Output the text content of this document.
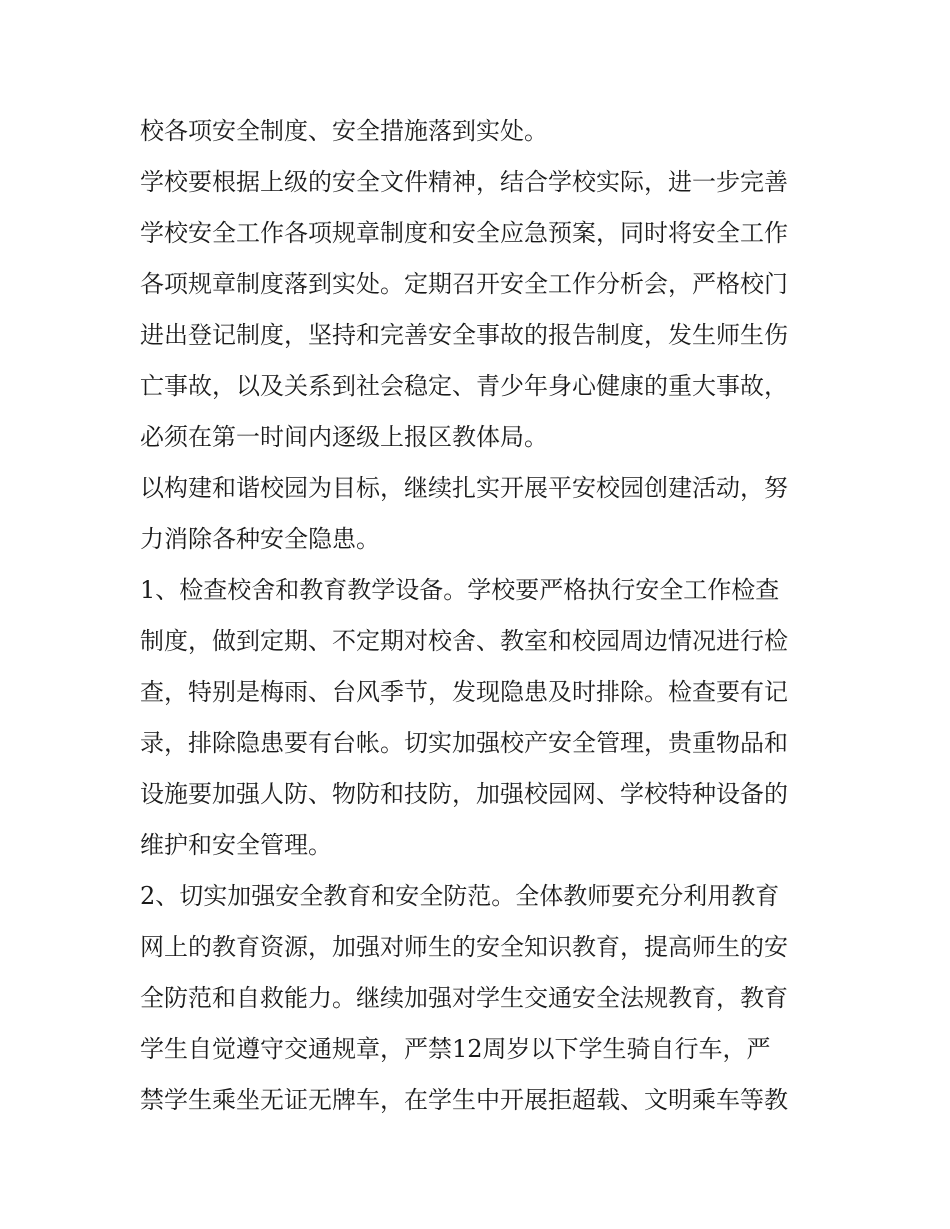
校各项安全制度、安全措施落到实处。
学校要根据上级的安全文件精神，结合学校实际，进一步完善
学校安全工作各项规章制度和安全应急预案，同时将安全工作
各项规章制度落到实处。定期召开安全工作分析会，严格校门
进出登记制度，坚持和完善安全事故的报告制度，发生师生伤
亡事故，以及关系到社会稳定、青少年身心健康的重大事故，
必须在第一时间内逐级上报区教体局。
以构建和谐校园为目标，继续扎实开展平安校园创建活动，努
力消除各种安全隐患。
1、检查校舍和教育教学设备。学校要严格执行安全工作检查
制度，做到定期、不定期对校舍、教室和校园周边情况进行检
查，特别是梅雨、台风季节，发现隐患及时排除。检查要有记
录，排除隐患要有台帐。切实加强校产安全管理，贵重物品和
设施要加强人防、物防和技防，加强校园网、学校特种设备的
维护和安全管理。
2、切实加强安全教育和安全防范。全体教师要充分利用教育
网上的教育资源，加强对师生的安全知识教育，提高师生的安
全防范和自救能力。继续加强对学生交通安全法规教育，教育
学生自觉遵守交通规章，严禁12周岁以下学生骑自行车，严
禁学生乘坐无证无牌车，在学生中开展拒超载、文明乘车等教
